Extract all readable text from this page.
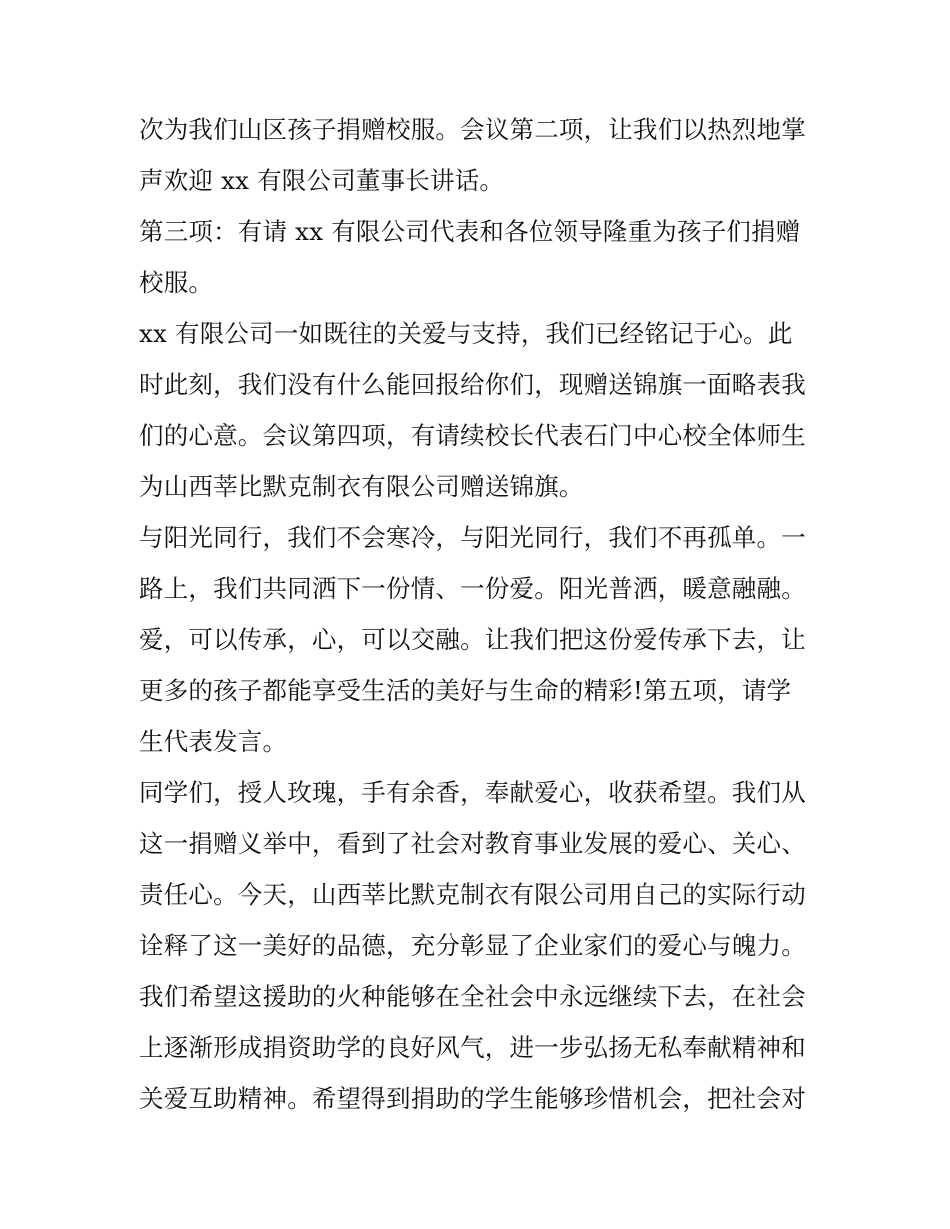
次为我们山区孩子捐赠校服。会议第二项，让我们以热烈地掌
声欢迎 xx 有限公司董事长讲话。
第三项：有请 xx 有限公司代表和各位领导隆重为孩子们捐赠
校服。
xx 有限公司一如既往的关爱与支持，我们已经铭记于心。此
时此刻，我们没有什么能回报给你们，现赠送锦旗一面略表我
们的心意。会议第四项，有请续校长代表石门中心校全体师生
为山西莘比默克制衣有限公司赠送锦旗。
与阳光同行，我们不会寒冷，与阳光同行，我们不再孤单。一
路上，我们共同洒下一份情、一份爱。阳光普洒，暖意融融。
爱，可以传承，心，可以交融。让我们把这份爱传承下去，让
更多的孩子都能享受生活的美好与生命的精彩!第五项，请学
生代表发言。
同学们，授人玫瑰，手有余香，奉献爱心，收获希望。我们从
这一捐赠义举中，看到了社会对教育事业发展的爱心、关心、
责任心。今天，山西莘比默克制衣有限公司用自己的实际行动
诠释了这一美好的品德，充分彰显了企业家们的爱心与魄力。
我们希望这援助的火种能够在全社会中永远继续下去，在社会
上逐渐形成捐资助学的良好风气，进一步弘扬无私奉献精神和
关爱互助精神。希望得到捐助的学生能够珍惜机会，把社会对
